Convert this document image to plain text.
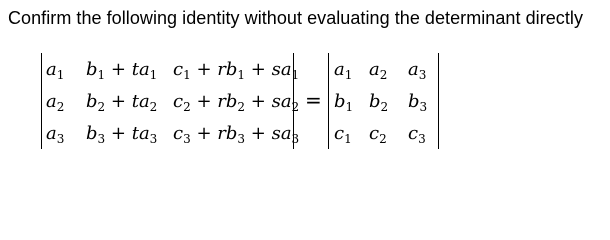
Confirm the following identity without evaluating the determinant directly
=
$a_1$ $b_1 + ta_1$ $c_1 + rb_1 + sa_1$
$a_2$ $b_2 + ta_2$ $c_2 + rb_2 + sa_2$
$a_3$ $b_3 + ta_3$ $c_3 + rb_3 + sa_3$
$a_1$ $a_2$ $a_3$
$b_1$ $b_2$ $b_3$
$c_1$ $c_2$ $c_3$
